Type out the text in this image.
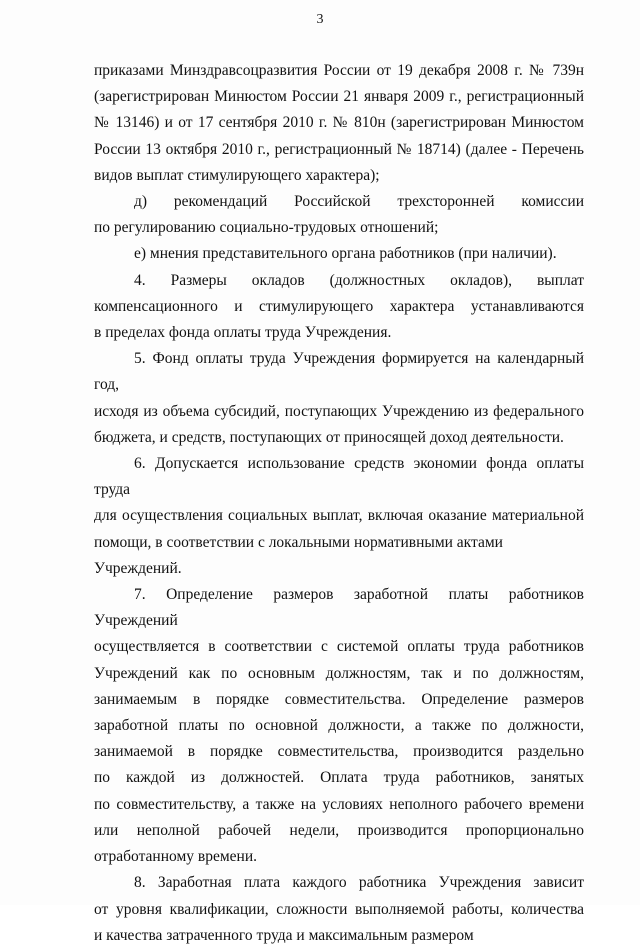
3

приказами Минздравсоцразвития России от 19 декабря 2008 г. № 739н
(зарегистрирован Минюстом России 21 января 2009 г., регистрационный
№ 13146) и от 17 сентября 2010 г. № 810н (зарегистрирован Минюстом
России 13 октября 2010 г., регистрационный № 18714) (далее - Перечень
видов выплат стимулирующего характера);

д) рекомендаций Российской трехсторонней комиссии
по регулированию социально-трудовых отношений;

е) мнения представительного органа работников (при наличии).

4. Размеры окладов (должностных окладов), выплат
компенсационного и стимулирующего характера устанавливаются
в пределах фонда оплаты труда Учреждения.

5. Фонд оплаты труда Учреждения формируется на календарный год,
исходя из объема субсидий, поступающих Учреждению из федерального
бюджета, и средств, поступающих от приносящей доход деятельности.

6. Допускается использование средств экономии фонда оплаты труда
для осуществления социальных выплат, включая оказание материальной
помощи, в соответствии с локальными нормативными актами Учреждений.

7. Определение размеров заработной платы работников Учреждений
осуществляется в соответствии с системой оплаты труда работников
Учреждений как по основным должностям, так и по должностям,
занимаемым в порядке совместительства. Определение размеров
заработной платы по основной должности, а также по должности,
занимаемой в порядке совместительства, производится раздельно
по каждой из должностей. Оплата труда работников, занятых
по совместительству, а также на условиях неполного рабочего времени
или неполной рабочей недели, производится пропорционально
отработанному времени.

8. Заработная плата каждого работника Учреждения зависит
от уровня квалификации, сложности выполняемой работы, количества
и качества затраченного труда и максимальным размером
